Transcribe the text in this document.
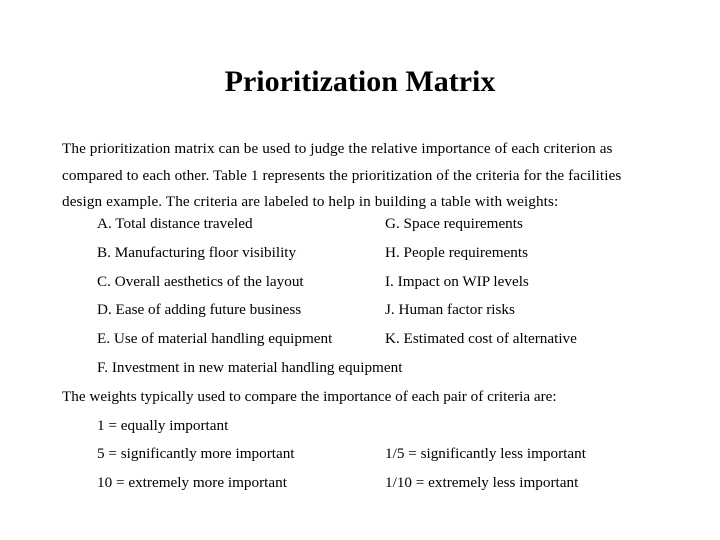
Prioritization Matrix
The prioritization matrix can be used to judge the relative importance of each criterion as
compared to each other. Table 1 represents the prioritization of the criteria for the facilities
design example. The criteria are labeled to help in building a table with weights:
A. Total distance traveled	G. Space requirements
B. Manufacturing floor visibility	H. People requirements
C. Overall aesthetics of the layout	I. Impact on WIP levels
D. Ease of adding future business	J. Human factor risks
E. Use of material handling equipment	K. Estimated cost of alternative
F. Investment in new material handling equipment
The weights typically used to compare the importance of each pair of criteria are:
1 = equally important
5 = significantly more important	1/5 = significantly less important
10 = extremely more important	1/10 = extremely less important
